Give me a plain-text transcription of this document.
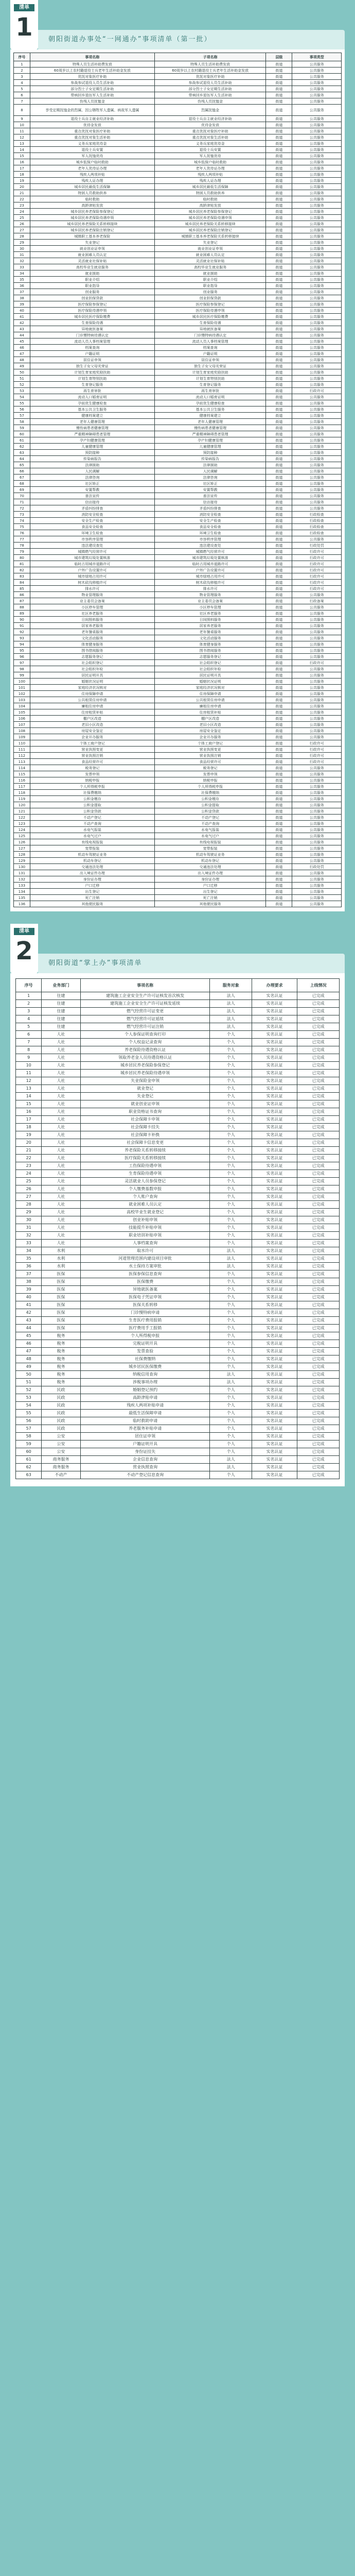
清单
1	朝阳街道办事处“一网通办”事项清单（第一批）
序号	事项名称	子项名称	层级	事项类型
1	特殊人员生活补助费发放	特殊人员生活补助费发放	街道	公共服务
2	60周岁以上农村籍退役士兵老年生活补助金发放	60周岁以上农村籍退役士兵老年生活补助金发放	街道	公共服务
3	优抚对象医疗补助	优抚对象医疗补助	街道	公共服务
4	参战参试退役人员生活补助	参战参试退役人员生活补助	街道	公共服务
5	部分烈士子女定期生活补助	部分烈士子女定期生活补助	街道	公共服务
6	带病回乡退伍军人生活补助	带病回乡退伍军人生活补助	街道	公共服务
7	伤残人员抚恤金	伤残人员抚恤金	街道	公共服务
8	享受定期抚恤金的烈属、因公牺牲军人遗属、病故军人遗属	烈属抚恤金	街道	公共服务
9	退役士兵自主就业经济补助	退役士兵自主就业经济补助	街道	公共服务
10	优待金发放	优待金发放	街道	公共服务
11	重点优抚对象医疗补助	重点优抚对象医疗补助	街道	公共服务
12	重点优抚对象生活补助	重点优抚对象生活补助	街道	公共服务
13	义务兵家庭优待金	义务兵家庭优待金	街道	公共服务
14	退役士兵安置	退役士兵安置	街道	公共服务
15	军人抚恤优待	军人抚恤优待	街道	公共服务
16	城乡低保户临时救助	城乡低保户临时救助	街道	公共服务
17	老年人优待证办理	老年人优待证办理	街道	公共服务
18	残疾人两项补贴	残疾人两项补贴	街道	公共服务
19	残疾人证办理	残疾人证办理	街道	公共服务
20	城乡居民最低生活保障	城乡居民最低生活保障	街道	公共服务
21	特困人员救助供养	特困人员救助供养	街道	公共服务
22	临时救助	临时救助	街道	公共服务
23	高龄津贴发放	高龄津贴发放	街道	公共服务
24	城乡居民养老保险参保登记	城乡居民养老保险参保登记	街道	公共服务
25	城乡居民养老保险待遇申领	城乡居民养老保险待遇申领	街道	公共服务
26	城乡居民养老保险关系转移接续	城乡居民养老保险关系转移接续	街道	公共服务
27	城乡居民养老保险注销登记	城乡居民养老保险注销登记	街道	公共服务
28	城镇职工基本养老保险	城镇职工基本养老保险关系转移接续	街道	公共服务
29	失业登记	失业登记	街道	公共服务
30	就业创业证申领	就业创业证申领	街道	公共服务
31	就业困难人员认定	就业困难人员认定	街道	公共服务
32	灵活就业社保补贴	灵活就业社保补贴	街道	公共服务
33	高校毕业生就业服务	高校毕业生就业服务	街道	公共服务
34	就业援助	就业援助	街道	公共服务
35	职业介绍	职业介绍	街道	公共服务
36	职业指导	职业指导	街道	公共服务
37	创业服务	创业服务	街道	公共服务
38	创业担保贷款	创业担保贷款	街道	公共服务
39	医疗保险参保登记	医疗保险参保登记	街道	公共服务
40	医疗保险待遇申领	医疗保险待遇申领	街道	公共服务
41	城乡居民医疗保险缴费	城乡居民医疗保险缴费	街道	公共服务
42	生育保险待遇	生育保险待遇	街道	公共服务
43	异地就医备案	异地就医备案	街道	公共服务
44	门诊慢特病待遇认定	门诊慢特病待遇认定	街道	公共服务
45	流动人员人事档案管理	流动人员人事档案管理	街道	公共服务
46	档案查询	档案查询	街道	公共服务
47	户籍证明	户籍证明	街道	公共服务
48	居住证申领	居住证申领	街道	公共服务
49	独生子女父母光荣证	独生子女父母光荣证	街道	公共服务
50	计划生育家庭奖励扶助	计划生育家庭奖励扶助	街道	公共服务
51	计划生育特别扶助	计划生育特别扶助	街道	公共服务
52	生育登记服务	生育登记服务	街道	公共服务
53	再生育审批	再生育审批	街道	行政许可
54	流动人口婚育证明	流动人口婚育证明	街道	公共服务
55	孕前优生健康检查	孕前优生健康检查	街道	公共服务
56	基本公共卫生服务	基本公共卫生服务	街道	公共服务
57	健康档案建立	健康档案建立	街道	公共服务
58	老年人健康管理	老年人健康管理	街道	公共服务
59	慢性病患者健康管理	慢性病患者健康管理	街道	公共服务
60	严重精神障碍患者管理	严重精神障碍患者管理	街道	公共服务
61	孕产妇健康管理	孕产妇健康管理	街道	公共服务
62	儿童健康管理	儿童健康管理	街道	公共服务
63	预防接种	预防接种	街道	公共服务
64	传染病报告	传染病报告	街道	公共服务
65	法律援助	法律援助	街道	公共服务
66	人民调解	人民调解	街道	公共服务
67	法律咨询	法律咨询	街道	公共服务
68	社区矫正	社区矫正	街道	公共服务
69	安置帮教	安置帮教	街道	公共服务
70	普法宣传	普法宣传	街道	公共服务
71	信访接待	信访接待	街道	公共服务
72	矛盾纠纷排查	矛盾纠纷排查	街道	公共服务
73	消防安全检查	消防安全检查	街道	行政检查
74	安全生产检查	安全生产检查	街道	行政检查
75	食品安全检查	食品安全检查	街道	行政检查
76	环境卫生检查	环境卫生检查	街道	行政检查
77	市容秩序管理	市容秩序管理	街道	公共服务
78	违法建设查处	违法建设查处	街道	行政处罚
79	城镇燃气经营许可	城镇燃气经营许可	街道	行政许可
80	城市建筑垃圾处置核准	城市建筑垃圾处置核准	街道	行政许可
81	临时占用城市道路许可	临时占用城市道路许可	街道	行政许可
82	户外广告设置许可	户外广告设置许可	街道	行政许可
83	城市绿地占用许可	城市绿地占用许可	街道	行政许可
84	树木砍伐移植许可	树木砍伐移植许可	街道	行政许可
85	排水许可	排水许可	街道	行政许可
86	物业管理服务	物业管理服务	街道	公共服务
87	业主委员会备案	业主委员会备案	街道	行政备案
88	小区停车管理	小区停车管理	街道	公共服务
89	社区养老服务	社区养老服务	街道	公共服务
90	日间照料服务	日间照料服务	街道	公共服务
91	居家养老服务	居家养老服务	街道	公共服务
92	老年餐桌服务	老年餐桌服务	街道	公共服务
93	文化活动服务	文化活动服务	街道	公共服务
94	体育健身服务	体育健身服务	街道	公共服务
95	图书借阅服务	图书借阅服务	街道	公共服务
96	志愿服务登记	志愿服务登记	街道	公共服务
97	社会组织登记	社会组织登记	街道	行政许可
98	社会组织年检	社会组织年检	街道	公共服务
99	居民证明开具	居民证明开具	街道	公共服务
100	婚姻状况证明	婚姻状况证明	街道	公共服务
101	家庭经济状况核对	家庭经济状况核对	街道	公共服务
102	住房保障申请	住房保障申请	街道	公共服务
103	公共租赁住房申请	公共租赁住房申请	街道	公共服务
104	廉租住房申请	廉租住房申请	街道	公共服务
105	住房租赁补贴	住房租赁补贴	街道	公共服务
106	棚户区改造	棚户区改造	街道	公共服务
107	老旧小区改造	老旧小区改造	街道	公共服务
108	房屋安全鉴定	房屋安全鉴定	街道	公共服务
109	企业开办服务	企业开办服务	街道	公共服务
110	个体工商户登记	个体工商户登记	街道	行政许可
111	营业执照变更	营业执照变更	街道	行政许可
112	营业执照注销	营业执照注销	街道	行政许可
113	食品经营许可	食品经营许可	街道	行政许可
114	税务登记	税务登记	街道	公共服务
115	发票申领	发票申领	街道	公共服务
116	纳税申报	纳税申报	街道	公共服务
117	个人所得税申报	个人所得税申报	街道	公共服务
118	社保费缴纳	社保费缴纳	街道	公共服务
119	公积金缴存	公积金缴存	街道	公共服务
120	公积金提取	公积金提取	街道	公共服务
121	公积金贷款	公积金贷款	街道	公共服务
122	不动产登记	不动产登记	街道	公共服务
123	不动产查询	不动产查询	街道	公共服务
124	水电气报装	水电气报装	街道	公共服务
125	水电气过户	水电气过户	街道	公共服务
126	有线电视报装	有线电视报装	街道	公共服务
127	宽带报装	宽带报装	街道	公共服务
128	机动车驾驶证业务	机动车驾驶证业务	街道	公共服务
129	机动车登记	机动车登记	街道	公共服务
130	交通违法处理	交通违法处理	街道	行政处罚
131	出入境证件办理	出入境证件办理	街道	公共服务
132	身份证办理	身份证办理	街道	公共服务
133	户口迁移	户口迁移	街道	公共服务
134	出生登记	出生登记	街道	公共服务
135	死亡注销	死亡注销	街道	公共服务
136	其他便民服务	其他便民服务	街道	公共服务
清单
2	朝阳街道“掌上办”事项清单
序号	业务部门	事项名称	服务对象	办理要求	上线情况
1	住建	建筑施工企业安全生产许可证核发首次核发	法人	实名认证	已完成
2	住建	建筑施工企业安全生产许可证核发延续	法人	实名认证	已完成
3	住建	燃气经营许可证变更	法人	实名认证	已完成
4	住建	燃气经营许可证延续	法人	实名认证	已完成
5	住建	燃气经营许可证注销	法人	实名认证	已完成
6	人社	个人参保证明查询打印	个人	实名认证	已完成
7	人社	个人权益记录查询	个人	实名认证	已完成
8	人社	养老保险待遇资格认证	个人	实名认证	已完成
9	人社	领取养老金人员待遇资格认证	个人	实名认证	已完成
10	人社	城乡居民养老保险参保登记	个人	实名认证	已完成
11	人社	城乡居民养老保险待遇申领	个人	实名认证	已完成
12	人社	失业保险金申领	个人	实名认证	已完成
13	人社	就业登记	个人	实名认证	已完成
14	人社	失业登记	个人	实名认证	已完成
15	人社	就业创业证申领	个人	实名认证	已完成
16	人社	职业资格证书查询	个人	实名认证	已完成
17	人社	社会保障卡申领	个人	实名认证	已完成
18	人社	社会保障卡挂失	个人	实名认证	已完成
19	人社	社会保障卡补换	个人	实名认证	已完成
20	人社	社会保障卡信息变更	个人	实名认证	已完成
21	人社	养老保险关系转移接续	个人	实名认证	已完成
22	人社	医疗保险关系转移接续	个人	实名认证	已完成
23	人社	工伤保险待遇申领	个人	实名认证	已完成
24	人社	生育保险待遇申领	个人	实名认证	已完成
25	人社	灵活就业人员参保登记	个人	实名认证	已完成
26	人社	个人缴费基数申报	个人	实名认证	已完成
27	人社	个人账户查询	个人	实名认证	已完成
28	人社	就业困难人员认定	个人	实名认证	已完成
29	人社	高校毕业生就业登记	个人	实名认证	已完成
30	人社	创业补贴申领	个人	实名认证	已完成
31	人社	技能提升补贴申领	个人	实名认证	已完成
32	人社	职业培训补贴申领	个人	实名认证	已完成
33	人社	人事档案查询	个人	实名认证	已完成
34	水利	取水许可	法人	实名认证	已完成
35	水利	河道管理范围内建设项目审批	法人	实名认证	已完成
36	水利	水土保持方案审批	法人	实名认证	已完成
37	医保	医保参保信息查询	个人	实名认证	已完成
38	医保	医保缴费	个人	实名认证	已完成
39	医保	异地就医备案	个人	实名认证	已完成
40	医保	医保电子凭证申领	个人	实名认证	已完成
41	医保	医保关系转移	个人	实名认证	已完成
42	医保	门诊慢特病申请	个人	实名认证	已完成
43	医保	生育医疗费用报销	个人	实名认证	已完成
44	医保	医疗费用手工报销	个人	实名认证	已完成
45	税务	个人所得税申报	个人	实名认证	已完成
46	税务	完税证明开具	个人	实名认证	已完成
47	税务	发票查验	个人	实名认证	已完成
48	税务	社保费缴纳	个人	实名认证	已完成
49	税务	城乡居民医保缴费	个人	实名认证	已完成
50	税务	纳税信用查询	法人	实名认证	已完成
51	税务	涉税事项办理	法人	实名认证	已完成
52	民政	婚姻登记预约	个人	实名认证	已完成
53	民政	高龄津贴申请	个人	实名认证	已完成
54	民政	残疾人两项补贴申请	个人	实名认证	已完成
55	民政	最低生活保障申请	个人	实名认证	已完成
56	民政	临时救助申请	个人	实名认证	已完成
57	民政	养老服务补贴申请	个人	实名认证	已完成
58	公安	居住证申领	个人	实名认证	已完成
59	公安	户籍证明开具	个人	实名认证	已完成
60	公安	身份证挂失	个人	实名认证	已完成
61	商务服务	企业信息查询	法人	实名认证	已完成
62	商务服务	营业执照查询	法人	实名认证	已完成
63	不动产	不动产登记信息查询	个人	实名认证	已完成
